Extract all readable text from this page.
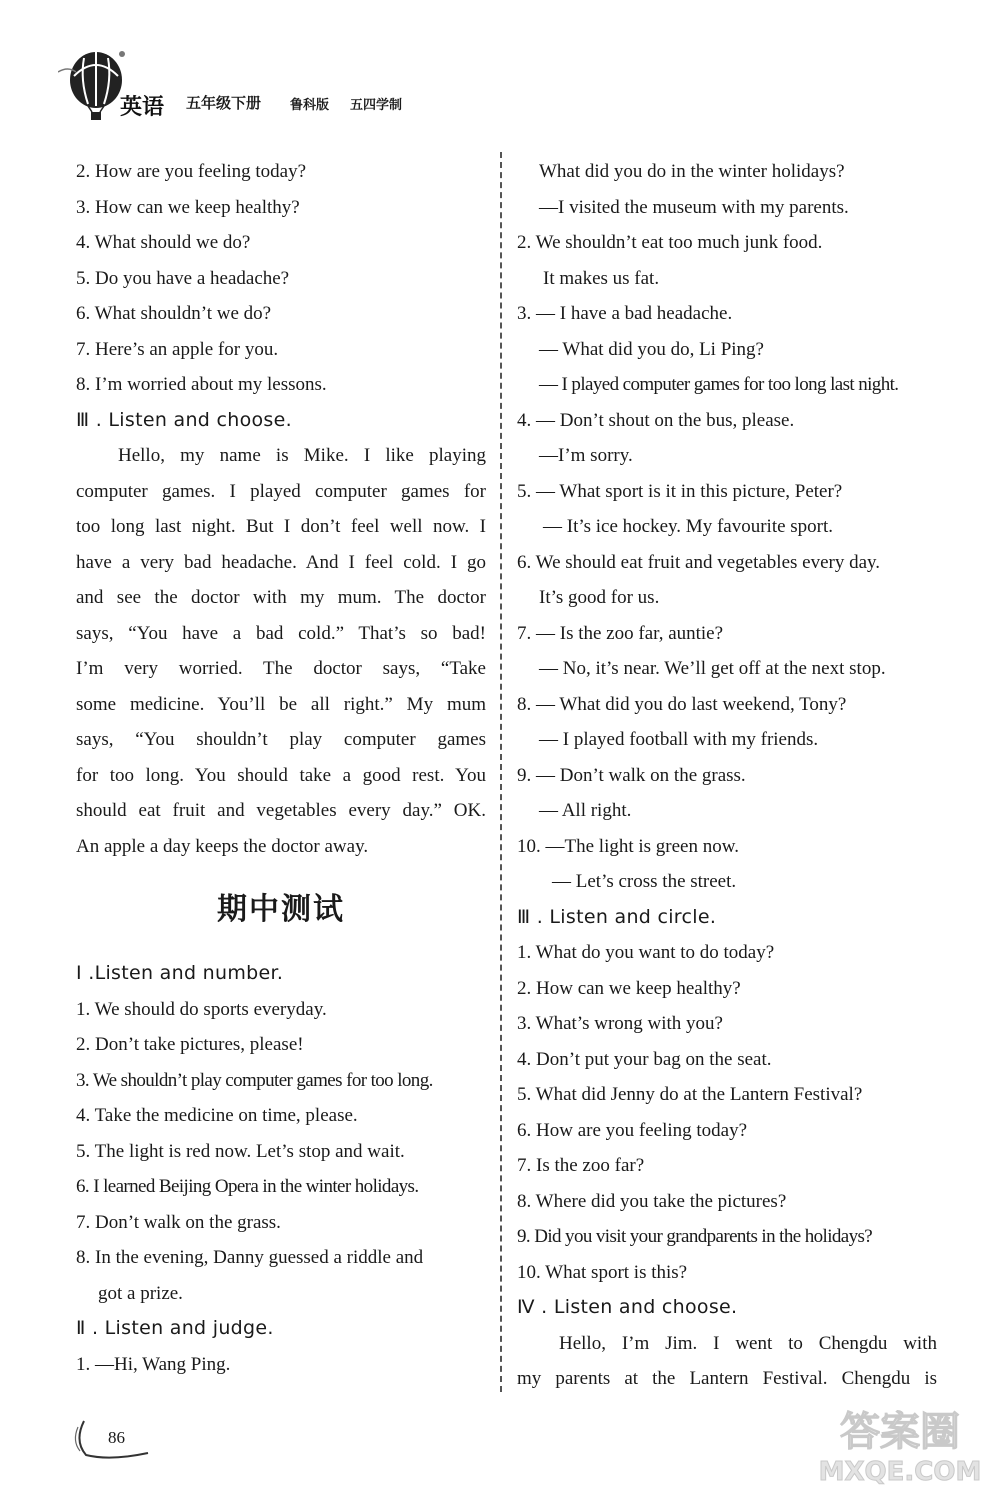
英语 五年级下册 鲁科版 五四学制
2. How are you feeling today?
3. How can we keep healthy?
4. What should we do?
5. Do you have a headache?
6. What shouldn’t we do?
7. Here’s an apple for you.
8. I’m worried about my lessons.
Ⅲ . Listen and choose.
Hello, my name is Mike. I like playing
computer games. I played computer games for
too long last night. But I don’t feel well now. I
have a very bad headache. And I feel cold. I go
and see the doctor with my mum. The doctor
says, “You have a bad cold.” That’s so bad!
I’m very worried. The doctor says, “Take
some medicine. You’ll be all right.” My mum
says, “You shouldn’t play computer games
for too long. You should take a good rest. You
should eat fruit and vegetables every day.” OK.
An apple a day keeps the doctor away.
期中测试
Ⅰ .Listen and number.
1. We should do sports everyday.
2. Don’t take pictures, please!
3. We shouldn’t play computer games for too long.
4. Take the medicine on time, please.
5. The light is red now. Let’s stop and wait.
6. I learned Beijing Opera in the winter holidays.
7. Don’t walk on the grass.
8. In the evening, Danny guessed a riddle and
got a prize.
Ⅱ . Listen and judge.
1. —Hi, Wang Ping.
What did you do in the winter holidays?
—I visited the museum with my parents.
2. We shouldn’t eat too much junk food.
It makes us fat.
3. — I have a bad headache.
— What did you do, Li Ping?
— I played computer games for too long last night.
4. — Don’t shout on the bus, please.
—I’m sorry.
5. — What sport is it in this picture, Peter?
— It’s ice hockey. My favourite sport.
6. We should eat fruit and vegetables every day.
It’s good for us.
7. — Is the zoo far, auntie?
— No, it’s near. We’ll get off at the next stop.
8. — What did you do last weekend, Tony?
— I played football with my friends.
9. — Don’t walk on the grass.
— All right.
10. —The light is green now.
— Let’s cross the street.
Ⅲ . Listen and circle.
1. What do you want to do today?
2. How can we keep healthy?
3. What’s wrong with you?
4. Don’t put your bag on the seat.
5. What did Jenny do at the Lantern Festival?
6. How are you feeling today?
7. Is the zoo far?
8. Where did you take the pictures?
9. Did you visit your grandparents in the holidays?
10. What sport is this?
Ⅳ . Listen and choose.
Hello, I’m Jim. I went to Chengdu with
my parents at the Lantern Festival. Chengdu is
86	答案圈
MXQE.COM
